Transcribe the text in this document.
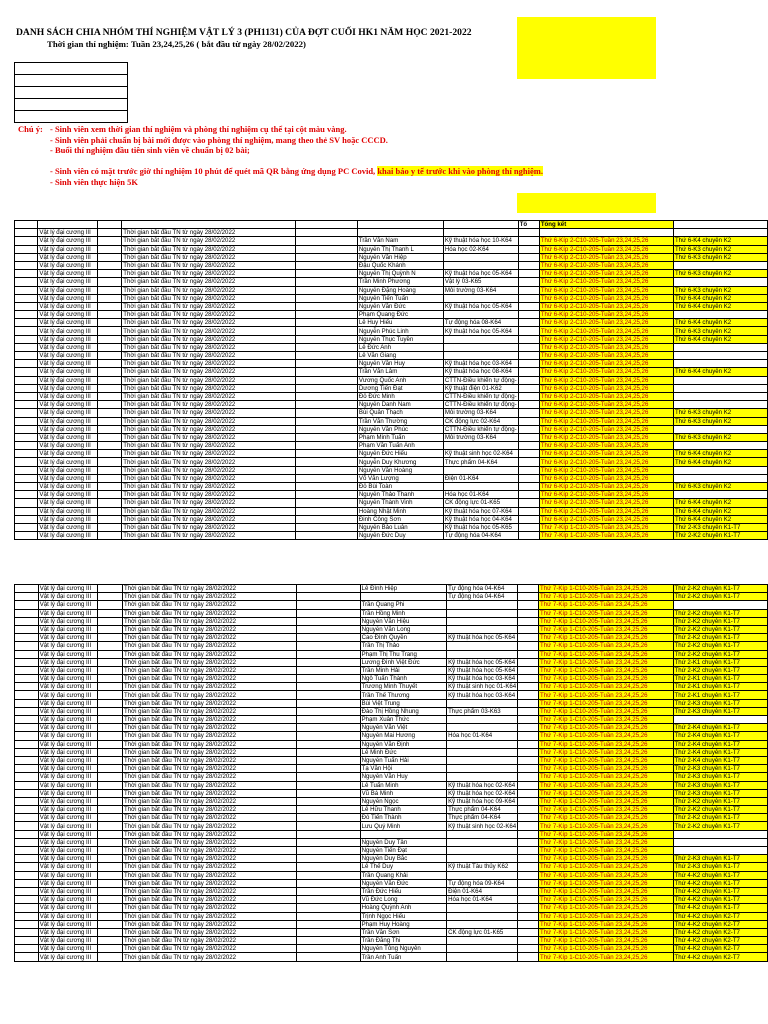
DANH SÁCH CHIA NHÓM THÍ NGHIỆM VẬT LÝ 3 (PH1131) CỦA ĐỢT CUỐI HK1 NĂM HỌC 2021-2022
Thời gian thí nghiệm: Tuần 23,24,25,26 ( bắt đầu từ ngày 28/02/2022)

Chú ý: - Sinh viên xem thời gian thí nghiệm và phòng thí nghiệm cụ thể tại cột màu vàng.
- Sinh viên phải chuẩn bị bài mới được vào phòng thí nghiệm, mang theo thẻ SV hoặc CCCD.
- Buổi thí nghiệm đầu tiên sinh viên về chuẩn bị 02 bài;
- Sinh viên có mặt trước giờ thí nghiệm 10 phút để quét mã QR bằng ứng dụng PC Covid, khai báo y tế trước khi vào phòng thí nghiệm.
- Sinh viên thực hiện 5K
							Tổ	Tổng kết	
	Vật lý đại cương III		Thời gian bắt đầu TN từ ngày 28/02/2022						
	Vật lý đại cương III		Thời gian bắt đầu TN từ ngày 28/02/2022		Trần Văn Nam	Kỹ thuật hóa học 10-K64		Thứ 6-Kíp 2-C10-205-Tuần 23,24,25,26	Thứ 6-K4 chuyên K2
	Vật lý đại cương III		Thời gian bắt đầu TN từ ngày 28/02/2022		Nguyễn Thị Thanh L	Hóa học 02-K64		Thứ 6-Kíp 2-C10-205-Tuần 23,24,25,26	Thứ 6-K3 chuyên K2
	Vật lý đại cương III		Thời gian bắt đầu TN từ ngày 28/02/2022		Nguyễn Văn Hiệp			Thứ 6-Kíp 2-C10-205-Tuần 23,24,25,26	Thứ 6-K3 chuyên K2
	Vật lý đại cương III		Thời gian bắt đầu TN từ ngày 28/02/2022		Đậu Quốc Khánh			Thứ 6-Kíp 2-C10-205-Tuần 23,24,25,26	
	Vật lý đại cương III		Thời gian bắt đầu TN từ ngày 28/02/2022		Nguyễn Thị Quỳnh N	Kỹ thuật hóa học 05-K64		Thứ 6-Kíp 2-C10-205-Tuần 23,24,25,26	Thứ 6-K3 chuyên K2
	Vật lý đại cương III		Thời gian bắt đầu TN từ ngày 28/02/2022		Trần Minh Phương	Vật lý 03-K65		Thứ 6-Kíp 2-C10-205-Tuần 23,24,25,26	
	Vật lý đại cương III		Thời gian bắt đầu TN từ ngày 28/02/2022		Nguyễn Đặng Hoàng	Môi trường 03-K64		Thứ 6-Kíp 2-C10-205-Tuần 23,24,25,26	Thứ 6-K3 chuyên K2
	Vật lý đại cương III		Thời gian bắt đầu TN từ ngày 28/02/2022		Nguyễn Tiến Tuấn			Thứ 6-Kíp 2-C10-205-Tuần 23,24,25,26	Thứ 6-K4 chuyên K2
	Vật lý đại cương III		Thời gian bắt đầu TN từ ngày 28/02/2022		Nguyễn Văn Đức	Kỹ thuật hóa học 05-K64		Thứ 6-Kíp 2-C10-205-Tuần 23,24,25,26	Thứ 6-K4 chuyên K2
	Vật lý đại cương III		Thời gian bắt đầu TN từ ngày 28/02/2022		Phạm Quang Đức			Thứ 6-Kíp 2-C10-205-Tuần 23,24,25,26	
	Vật lý đại cương III		Thời gian bắt đầu TN từ ngày 28/02/2022		Lê Huy Hiếu	Tự động hóa 08-K64		Thứ 6-Kíp 2-C10-205-Tuần 23,24,25,26	Thứ 6-K4 chuyên K2
	Vật lý đại cương III		Thời gian bắt đầu TN từ ngày 28/02/2022		Nguyễn Phúc Linh	Kỹ thuật hóa học 05-K64		Thứ 6-Kíp 2-C10-205-Tuần 23,24,25,26	Thứ 6-K3 chuyên K2
	Vật lý đại cương III		Thời gian bắt đầu TN từ ngày 28/02/2022		Nguyễn Thục Tuyền			Thứ 6-Kíp 2-C10-205-Tuần 23,24,25,26	Thứ 6-K4 chuyên K2
	Vật lý đại cương III		Thời gian bắt đầu TN từ ngày 28/02/2022		Lê Đức Anh			Thứ 6-Kíp 2-C10-205-Tuần 23,24,25,26	
	Vật lý đại cương III		Thời gian bắt đầu TN từ ngày 28/02/2022		Lê Văn Giang			Thứ 6-Kíp 2-C10-205-Tuần 23,24,25,26	
	Vật lý đại cương III		Thời gian bắt đầu TN từ ngày 28/02/2022		Nguyễn Văn Huy	Kỹ thuật hóa học 03-K64		Thứ 6-Kíp 2-C10-205-Tuần 23,24,25,26	
	Vật lý đại cương III		Thời gian bắt đầu TN từ ngày 28/02/2022		Trần Văn Lâm	Kỹ thuật hóa học 08-K64		Thứ 6-Kíp 2-C10-205-Tuần 23,24,25,26	Thứ 6-K4 chuyên K2
	Vật lý đại cương III		Thời gian bắt đầu TN từ ngày 28/02/2022		Vương Quốc Anh	CTTN-Điều khiển tự động-		Thứ 6-Kíp 2-C10-205-Tuần 23,24,25,26	
	Vật lý đại cương III		Thời gian bắt đầu TN từ ngày 28/02/2022		Dương Tiến Đạt	Kỹ thuật điện 01-K62		Thứ 6-Kíp 2-C10-205-Tuần 23,24,25,26	
	Vật lý đại cương III		Thời gian bắt đầu TN từ ngày 28/02/2022		Đỗ Đức Minh	CTTN-Điều khiển tự động-		Thứ 6-Kíp 2-C10-205-Tuần 23,24,25,26	
	Vật lý đại cương III		Thời gian bắt đầu TN từ ngày 28/02/2022		Nguyễn Danh Nam	CTTN-Điều khiển tự động-		Thứ 6-Kíp 2-C10-205-Tuần 23,24,25,26	
	Vật lý đại cương III		Thời gian bắt đầu TN từ ngày 28/02/2022		Bùi Quân Thạch	Môi trường 03-K64		Thứ 6-Kíp 2-C10-205-Tuần 23,24,25,26	Thứ 6-K3 chuyên K2
	Vật lý đại cương III		Thời gian bắt đầu TN từ ngày 28/02/2022		Trần Văn Thường	CK động lực 02-K64		Thứ 6-Kíp 2-C10-205-Tuần 23,24,25,26	Thứ 6-K3 chuyên K2
	Vật lý đại cương III		Thời gian bắt đầu TN từ ngày 28/02/2022		Nguyễn Văn Phúc	CTTN-Điều khiển tự động-		Thứ 6-Kíp 2-C10-205-Tuần 23,24,25,26	
	Vật lý đại cương III		Thời gian bắt đầu TN từ ngày 28/02/2022		Phạm Minh Tuấn	Môi trường 03-K64		Thứ 6-Kíp 2-C10-205-Tuần 23,24,25,26	Thứ 6-K3 chuyên K2
	Vật lý đại cương III		Thời gian bắt đầu TN từ ngày 28/02/2022		Phạm Văn Tuấn Anh			Thứ 6-Kíp 2-C10-205-Tuần 23,24,25,26	
	Vật lý đại cương III		Thời gian bắt đầu TN từ ngày 28/02/2022		Nguyễn Đức Hiếu	Kỹ thuật sinh học 02-K64		Thứ 6-Kíp 2-C10-205-Tuần 23,24,25,26	Thứ 6-K4 chuyên K2
	Vật lý đại cương III		Thời gian bắt đầu TN từ ngày 28/02/2022		Nguyễn Duy Khương	Thực phẩm 04-K64		Thứ 6-Kíp 2-C10-205-Tuần 23,24,25,26	Thứ 6-K4 chuyên K2
	Vật lý đại cương III		Thời gian bắt đầu TN từ ngày 28/02/2022		Nguyễn Văn Hoàng			Thứ 6-Kíp 2-C10-205-Tuần 23,24,25,26	
	Vật lý đại cương III		Thời gian bắt đầu TN từ ngày 28/02/2022		Võ Văn Lượng	Điện 01-K64		Thứ 6-Kíp 2-C10-205-Tuần 23,24,25,26	
	Vật lý đại cương III		Thời gian bắt đầu TN từ ngày 28/02/2022		Đỗ Bùi Toàn			Thứ 6-Kíp 2-C10-205-Tuần 23,24,25,26	Thứ 6-K3 chuyên K2
	Vật lý đại cương III		Thời gian bắt đầu TN từ ngày 28/02/2022		Nguyễn Thảo Thanh	Hóa học 01-K64		Thứ 6-Kíp 2-C10-205-Tuần 23,24,25,26	
	Vật lý đại cương III		Thời gian bắt đầu TN từ ngày 28/02/2022		Nguyễn Thành Vinh	CK động lực 01-K65		Thứ 6-Kíp 2-C10-205-Tuần 23,24,25,26	Thứ 6-K4 chuyên K2
	Vật lý đại cương III		Thời gian bắt đầu TN từ ngày 28/02/2022		Hoàng Nhật Minh	Kỹ thuật hóa học 07-K64		Thứ 6-Kíp 2-C10-205-Tuần 23,24,25,26	Thứ 6-K4 chuyên K2
	Vật lý đại cương III		Thời gian bắt đầu TN từ ngày 28/02/2022		Đinh Công Sơn	Kỹ thuật hóa học 04-K64		Thứ 6-Kíp 2-C10-205-Tuần 23,24,25,26	Thứ 6-K4 chuyên K2
	Vật lý đại cương III		Thời gian bắt đầu TN từ ngày 28/02/2022		Nguyễn Bảo Luân	Kỹ thuật hóa học 05-K65		Thứ 7-Kíp 1-C10-205-Tuần 23,24,25,26	Thứ 2-K3 chuyên K1-T7
	Vật lý đại cương III		Thời gian bắt đầu TN từ ngày 28/02/2022		Nguyễn Đức Duy	Tự động hóa 04-K64		Thứ 7-Kíp 1-C10-205-Tuần 23,24,25,26	Thứ 2-K2 chuyên K1-T7
	Vật lý đại cương III		Thời gian bắt đầu TN từ ngày 28/02/2022		Lê Đình Hiệp	Tự động hóa 04-K64		Thứ 7-Kíp 1-C10-205-Tuần 23,24,25,26	Thứ 2-K2 chuyên K1-T7
	Vật lý đại cương III		Thời gian bắt đầu TN từ ngày 28/02/2022			Tự động hóa 04-K64		Thứ 7-Kíp 1-C10-205-Tuần 23,24,25,26	Thứ 2-K2 chuyên K1-T7
	Vật lý đại cương III		Thời gian bắt đầu TN từ ngày 28/02/2022		Trần Quang Phi			Thứ 7-Kíp 1-C10-205-Tuần 23,24,25,26	
	Vật lý đại cương III		Thời gian bắt đầu TN từ ngày 28/02/2022		Trần Hồng Minh			Thứ 7-Kíp 1-C10-205-Tuần 23,24,25,26	Thứ 2-K2 chuyên K1-T7
	Vật lý đại cương III		Thời gian bắt đầu TN từ ngày 28/02/2022		Nguyễn Văn Hiệu			Thứ 7-Kíp 1-C10-205-Tuần 23,24,25,26	Thứ 2-K2 chuyên K1-T7
	Vật lý đại cương III		Thời gian bắt đầu TN từ ngày 28/02/2022		Nguyễn Văn Long			Thứ 7-Kíp 1-C10-205-Tuần 23,24,25,26	Thứ 2-K2 chuyên K1-T7
	Vật lý đại cương III		Thời gian bắt đầu TN từ ngày 28/02/2022		Cao Đình Quyền	Kỹ thuật hóa học 05-K64		Thứ 7-Kíp 1-C10-205-Tuần 23,24,25,26	Thứ 2-K2 chuyên K1-T7
	Vật lý đại cương III		Thời gian bắt đầu TN từ ngày 28/02/2022		Trần Thị Thảo			Thứ 7-Kíp 1-C10-205-Tuần 23,24,25,26	Thứ 2-K2 chuyên K1-T7
	Vật lý đại cương III		Thời gian bắt đầu TN từ ngày 28/02/2022		Phạm Thị Thu Trang			Thứ 7-Kíp 1-C10-205-Tuần 23,24,25,26	Thứ 2-K2 chuyên K1-T7
	Vật lý đại cương III		Thời gian bắt đầu TN từ ngày 28/02/2022		Lương Đình Việt Đức	Kỹ thuật hóa học 05-K64		Thứ 7-Kíp 1-C10-205-Tuần 23,24,25,26	Thứ 2-K1 chuyên K1-T7
	Vật lý đại cương III		Thời gian bắt đầu TN từ ngày 28/02/2022		Trần Minh Hải	Kỹ thuật hóa học 05-K64		Thứ 7-Kíp 1-C10-205-Tuần 23,24,25,26	Thứ 2-K2 chuyên K1-T7
	Vật lý đại cương III		Thời gian bắt đầu TN từ ngày 28/02/2022		Ngô Tuấn Thành	Kỹ thuật hóa học 03-K64		Thứ 7-Kíp 1-C10-205-Tuần 23,24,25,26	Thứ 2-K1 chuyên K1-T7
	Vật lý đại cương III		Thời gian bắt đầu TN từ ngày 28/02/2022		Trương Minh Thuyết	Kỹ thuật sinh học 01-K64		Thứ 7-Kíp 1-C10-205-Tuần 23,24,25,26	Thứ 2-K1 chuyên K1-T7
	Vật lý đại cương III		Thời gian bắt đầu TN từ ngày 28/02/2022		Trần Thế Thương	Kỹ thuật hóa học 03-K64		Thứ 7-Kíp 1-C10-205-Tuần 23,24,25,26	Thứ 2-K1 chuyên K1-T7
	Vật lý đại cương III		Thời gian bắt đầu TN từ ngày 28/02/2022		Bùi Việt Trung			Thứ 7-Kíp 1-C10-205-Tuần 23,24,25,26	Thứ 2-K3 chuyên K1-T7
	Vật lý đại cương III		Thời gian bắt đầu TN từ ngày 28/02/2022		Đào Thị Hồng Nhung	Thực phẩm 03-K63		Thứ 7-Kíp 1-C10-205-Tuần 23,24,25,26	Thứ 2-K3 chuyên K1-T7
	Vật lý đại cương III		Thời gian bắt đầu TN từ ngày 28/02/2022		Phạm Xuân Thức			Thứ 7-Kíp 1-C10-205-Tuần 23,24,25,26	
	Vật lý đại cương III		Thời gian bắt đầu TN từ ngày 28/02/2022		Nguyễn Văn Việt			Thứ 7-Kíp 1-C10-205-Tuần 23,24,25,26	Thứ 2-K4 chuyên K1-T7
	Vật lý đại cương III		Thời gian bắt đầu TN từ ngày 28/02/2022		Nguyễn Mai Hương	Hóa học 01-K64		Thứ 7-Kíp 1-C10-205-Tuần 23,24,25,26	Thứ 2-K4 chuyên K1-T7
	Vật lý đại cương III		Thời gian bắt đầu TN từ ngày 28/02/2022		Nguyễn Văn Định			Thứ 7-Kíp 1-C10-205-Tuần 23,24,25,26	Thứ 2-K4 chuyên K1-T7
	Vật lý đại cương III		Thời gian bắt đầu TN từ ngày 28/02/2022		Lê Minh Đức			Thứ 7-Kíp 1-C10-205-Tuần 23,24,25,26	Thứ 2-K4 chuyên K1-T7
	Vật lý đại cương III		Thời gian bắt đầu TN từ ngày 28/02/2022		Nguyễn Tuấn Hải			Thứ 7-Kíp 1-C10-205-Tuần 23,24,25,26	Thứ 2-K4 chuyên K1-T7
	Vật lý đại cương III		Thời gian bắt đầu TN từ ngày 28/02/2022		Tạ Văn Hội			Thứ 7-Kíp 1-C10-205-Tuần 23,24,25,26	Thứ 2-K3 chuyên K1-T7
	Vật lý đại cương III		Thời gian bắt đầu TN từ ngày 28/02/2022		Nguyễn Văn Huy			Thứ 7-Kíp 1-C10-205-Tuần 23,24,25,26	Thứ 2-K3 chuyên K1-T7
	Vật lý đại cương III		Thời gian bắt đầu TN từ ngày 28/02/2022		Lê Tuấn Minh	Kỹ thuật hóa học 02-K64		Thứ 7-Kíp 1-C10-205-Tuần 23,24,25,26	Thứ 2-K3 chuyên K1-T7
	Vật lý đại cương III		Thời gian bắt đầu TN từ ngày 28/02/2022		Vũ Bá Minh	Kỹ thuật hóa học 02-K64		Thứ 7-Kíp 1-C10-205-Tuần 23,24,25,26	Thứ 2-K3 chuyên K1-T7
	Vật lý đại cương III		Thời gian bắt đầu TN từ ngày 28/02/2022		Nguyễn Ngọc	Kỹ thuật hóa học 09-K64		Thứ 7-Kíp 1-C10-205-Tuần 23,24,25,26	Thứ 2-K2 chuyên K1-T7
	Vật lý đại cương III		Thời gian bắt đầu TN từ ngày 28/02/2022		Lê Hữu Thanh	Thực phẩm 04-K64		Thứ 7-Kíp 1-C10-205-Tuần 23,24,25,26	Thứ 2-K2 chuyên K1-T7
	Vật lý đại cương III		Thời gian bắt đầu TN từ ngày 28/02/2022		Đỗ Tiến Thành	Thực phẩm 04-K64		Thứ 7-Kíp 1-C10-205-Tuần 23,24,25,26	Thứ 2-K2 chuyên K1-T7
	Vật lý đại cương III		Thời gian bắt đầu TN từ ngày 28/02/2022		Lưu Quý Minh	Kỹ thuật sinh học 02-K64		Thứ 7-Kíp 1-C10-205-Tuần 23,24,25,26	Thứ 2-K2 chuyên K1-T7
	Vật lý đại cương III		Thời gian bắt đầu TN từ ngày 28/02/2022					Thứ 7-Kíp 1-C10-205-Tuần 23,24,25,26	
	Vật lý đại cương III		Thời gian bắt đầu TN từ ngày 28/02/2022		Nguyễn Duy Tân			Thứ 7-Kíp 1-C10-205-Tuần 23,24,25,26	
	Vật lý đại cương III		Thời gian bắt đầu TN từ ngày 28/02/2022		Nguyễn Tiến Đạt			Thứ 7-Kíp 1-C10-205-Tuần 23,24,25,26	
	Vật lý đại cương III		Thời gian bắt đầu TN từ ngày 28/02/2022		Nguyễn Duy Bắc			Thứ 7-Kíp 1-C10-205-Tuần 23,24,25,26	Thứ 2-K3 chuyên K1-T7
	Vật lý đại cương III		Thời gian bắt đầu TN từ ngày 28/02/2022		Lê Thế Duy	Kỹ thuật Tàu thủy K62		Thứ 7-Kíp 1-C10-205-Tuần 23,24,25,26	Thứ 2-K3 chuyên K1-T7
	Vật lý đại cương III		Thời gian bắt đầu TN từ ngày 28/02/2022		Trần Quang Khải			Thứ 7-Kíp 1-C10-205-Tuần 23,24,25,26	Thứ 4-K2 chuyên K1-T7
	Vật lý đại cương III		Thời gian bắt đầu TN từ ngày 28/02/2022		Nguyễn Văn Đức	Tự động hóa 09-K64		Thứ 7-Kíp 1-C10-205-Tuần 23,24,25,26	Thứ 4-K2 chuyên K1-T7
	Vật lý đại cương III		Thời gian bắt đầu TN từ ngày 28/02/2022		Trần Đức Hiếu	Điện 01-K64		Thứ 7-Kíp 1-C10-205-Tuần 23,24,25,26	Thứ 4-K2 chuyên K1-T7
	Vật lý đại cương III		Thời gian bắt đầu TN từ ngày 28/02/2022		Vũ Đức Long	Hóa học 01-K64		Thứ 7-Kíp 1-C10-205-Tuần 23,24,25,26	Thứ 4-K2 chuyên K1-T7
	Vật lý đại cương III		Thời gian bắt đầu TN từ ngày 28/02/2022		Hoàng Quỳnh Anh			Thứ 7-Kíp 1-C10-205-Tuần 23,24,25,26	Thứ 4-K2 chuyên K1-T7
	Vật lý đại cương III		Thời gian bắt đầu TN từ ngày 28/02/2022		Trịnh Ngọc Hiếu			Thứ 7-Kíp 1-C10-205-Tuần 23,24,25,26	Thứ 4-K2 chuyên K2-T7
	Vật lý đại cương III		Thời gian bắt đầu TN từ ngày 28/02/2022		Phạm Huy Hoàng			Thứ 7-Kíp 1-C10-205-Tuần 23,24,25,26	Thứ 4-K2 chuyên K2-T7
	Vật lý đại cương III		Thời gian bắt đầu TN từ ngày 28/02/2022		Trần Văn Sơn	CK động lực 01-K65		Thứ 7-Kíp 1-C10-205-Tuần 23,24,25,26	Thứ 4-K2 chuyên K2-T7
	Vật lý đại cương III		Thời gian bắt đầu TN từ ngày 28/02/2022		Trần Đăng Thi			Thứ 7-Kíp 1-C10-205-Tuần 23,24,25,26	Thứ 4-K2 chuyên K2-T7
	Vật lý đại cương III		Thời gian bắt đầu TN từ ngày 28/02/2022		Nguyễn Tông Nguyên			Thứ 7-Kíp 1-C10-205-Tuần 23,24,25,26	Thứ 4-K2 chuyên K2-T7
	Vật lý đại cương III		Thời gian bắt đầu TN từ ngày 28/02/2022		Trần Anh Tuấn			Thứ 7-Kíp 1-C10-205-Tuần 23,24,25,26	Thứ 4-K2 chuyên K2-T7
